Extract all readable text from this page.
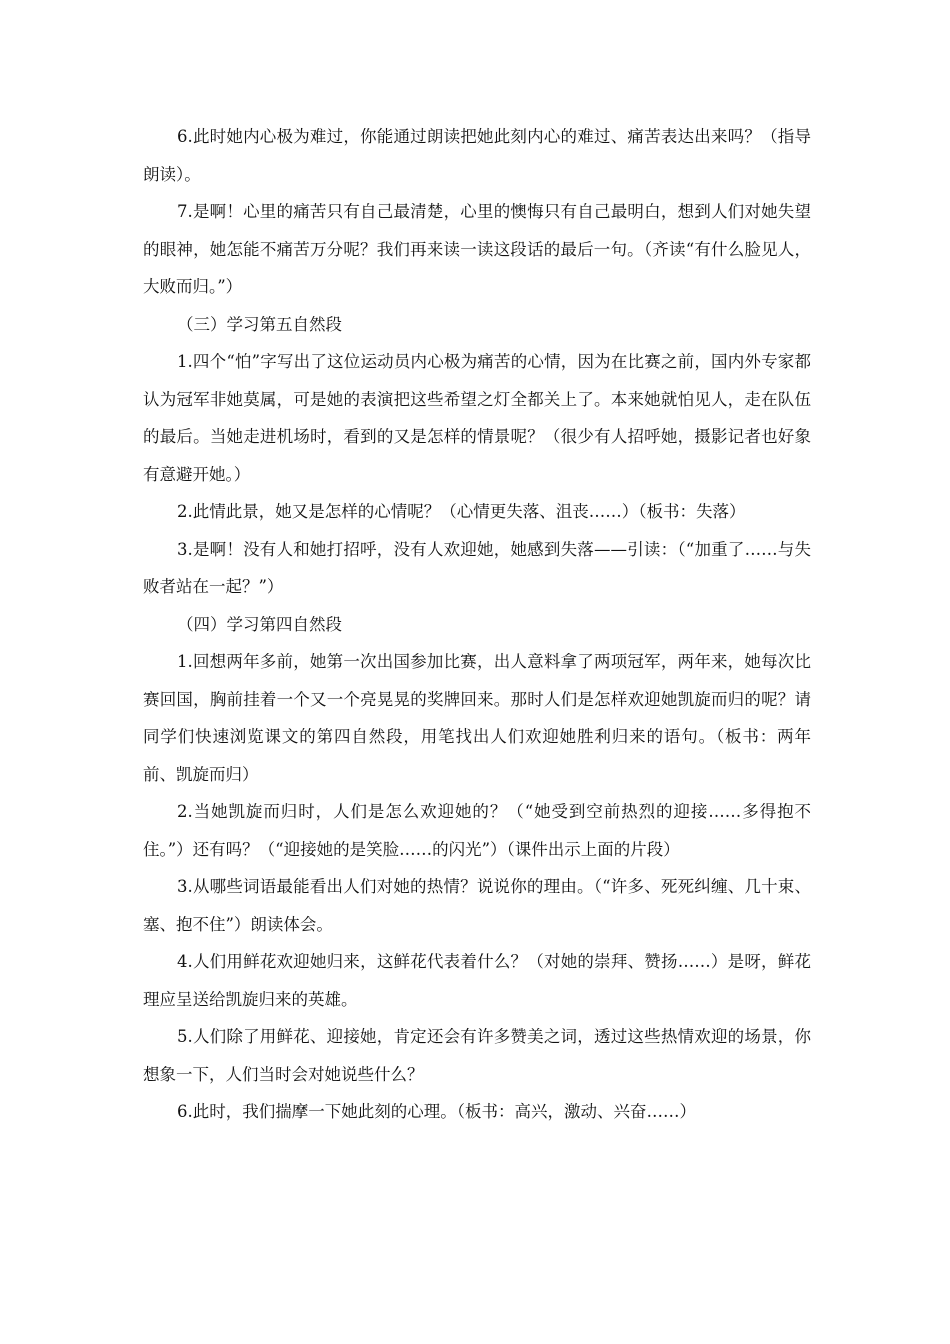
6.此时她内心极为难过，你能通过朗读把她此刻内心的难过、痛苦表达出来吗？（指导朗读）。

7.是啊！心里的痛苦只有自己最清楚，心里的懊悔只有自己最明白，想到人们对她失望的眼神，她怎能不痛苦万分呢？我们再来读一读这段话的最后一句。（齐读“有什么脸见人，大败而归。”）

（三）学习第五自然段

1.四个“怕”字写出了这位运动员内心极为痛苦的心情，因为在比赛之前，国内外专家都认为冠军非她莫属，可是她的表演把这些希望之灯全都关上了。本来她就怕见人，走在队伍的最后。当她走进机场时，看到的又是怎样的情景呢？（很少有人招呼她，摄影记者也好象有意避开她。）

2.此情此景，她又是怎样的心情呢？（心情更失落、沮丧……）（板书：失落）

3.是啊！没有人和她打招呼，没有人欢迎她，她感到失落——引读：（“加重了……与失败者站在一起？”）

（四）学习第四自然段

1.回想两年多前，她第一次出国参加比赛，出人意料拿了两项冠军，两年来，她每次比赛回国，胸前挂着一个又一个亮晃晃的奖牌回来。那时人们是怎样欢迎她凯旋而归的呢？请同学们快速浏览课文的第四自然段，用笔找出人们欢迎她胜利归来的语句。（板书：两年前、凯旋而归）

2.当她凯旋而归时，人们是怎么欢迎她的？（“她受到空前热烈的迎接……多得抱不住。”）还有吗？（“迎接她的是笑脸……的闪光”）（课件出示上面的片段）

3.从哪些词语最能看出人们对她的热情？说说你的理由。（“许多、死死纠缠、几十束、塞、抱不住”）朗读体会。

4.人们用鲜花欢迎她归来，这鲜花代表着什么？（对她的崇拜、赞扬……）是呀，鲜花理应呈送给凯旋归来的英雄。

5.人们除了用鲜花、迎接她，肯定还会有许多赞美之词，透过这些热情欢迎的场景，你想象一下，人们当时会对她说些什么？

6.此时，我们揣摩一下她此刻的心理。（板书：高兴，激动、兴奋……）
